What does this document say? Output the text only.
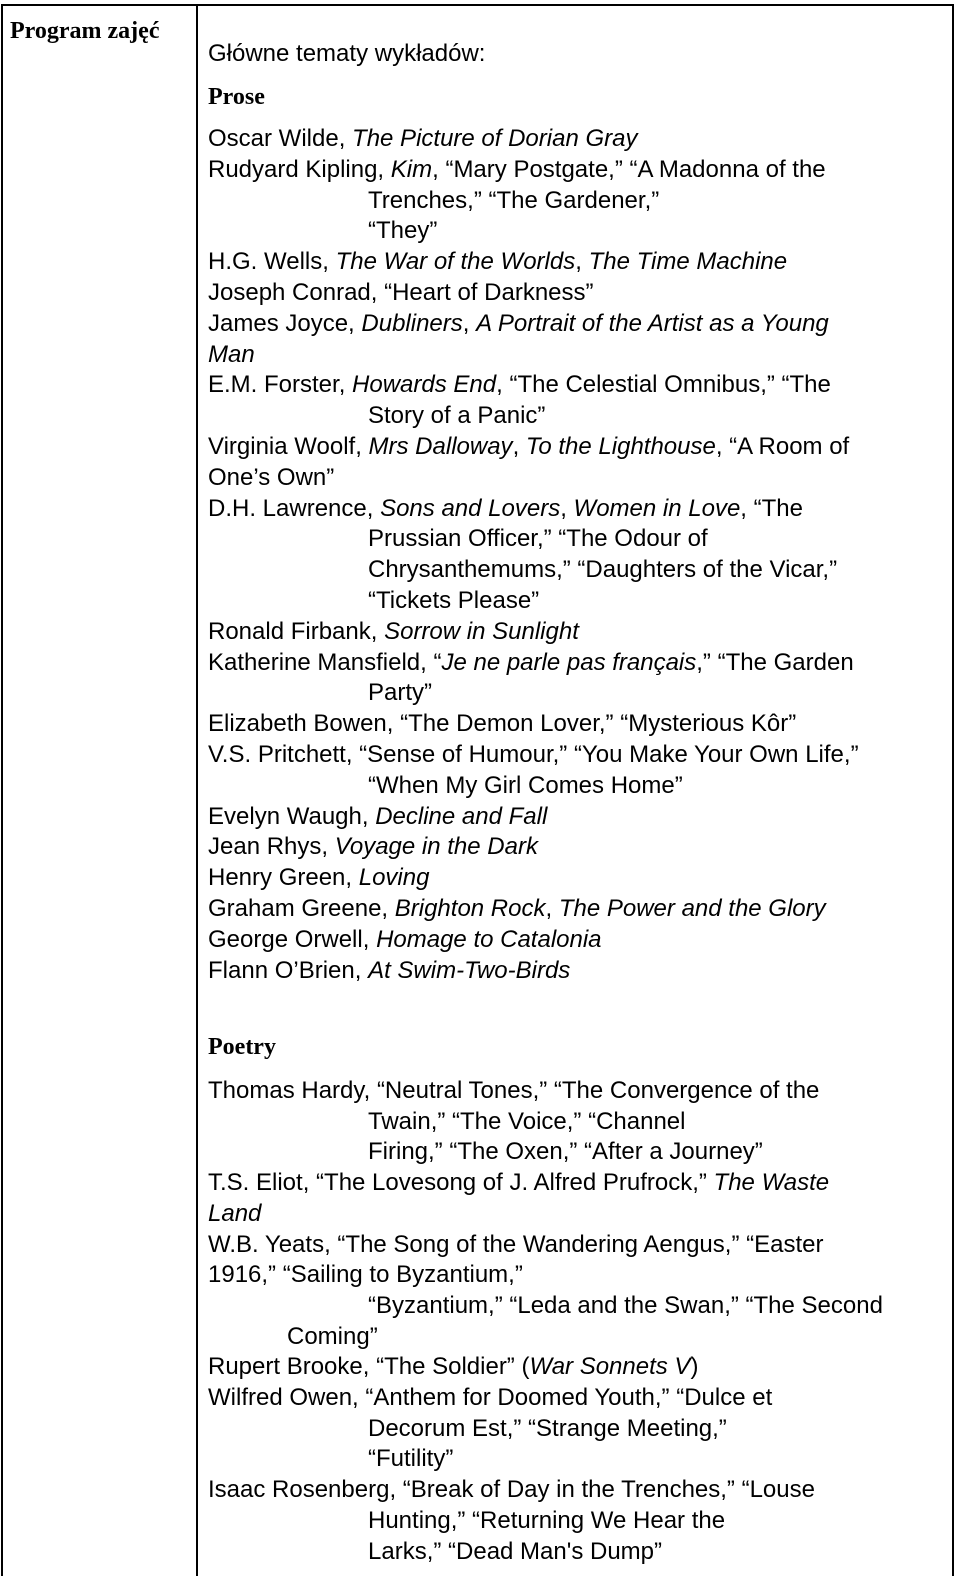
Program zajęć
Główne tematy wykładów:
Prose
Poetry
Oscar Wilde, The Picture of Dorian Gray
Rudyard Kipling, Kim, “Mary Postgate,” “A Madonna of the
Trenches,” “The Gardener,”
“They”
H.G. Wells, The War of the Worlds, The Time Machine
Joseph Conrad, “Heart of Darkness”
James Joyce, Dubliners, A Portrait of the Artist as a Young
Man
E.M. Forster, Howards End, “The Celestial Omnibus,” “The
Story of a Panic”
Virginia Woolf, Mrs Dalloway, To the Lighthouse, “A Room of
One’s Own”
D.H. Lawrence, Sons and Lovers, Women in Love, “The
Prussian Officer,” “The Odour of
Chrysanthemums,” “Daughters of the Vicar,”
“Tickets Please”
Ronald Firbank, Sorrow in Sunlight
Katherine Mansfield, “Je ne parle pas français,” “The Garden
Party”
Elizabeth Bowen, “The Demon Lover,” “Mysterious Kôr”
V.S. Pritchett, “Sense of Humour,” “You Make Your Own Life,”
“When My Girl Comes Home”
Evelyn Waugh, Decline and Fall
Jean Rhys, Voyage in the Dark
Henry Green, Loving
Graham Greene, Brighton Rock, The Power and the Glory
George Orwell, Homage to Catalonia
Flann O’Brien, At Swim-Two-Birds
Thomas Hardy, “Neutral Tones,” “The Convergence of the
Twain,” “The Voice,” “Channel
Firing,” “The Oxen,” “After a Journey”
T.S. Eliot, “The Lovesong of J. Alfred Prufrock,” The Waste
Land
W.B. Yeats, “The Song of the Wandering Aengus,” “Easter
1916,” “Sailing to Byzantium,”
“Byzantium,” “Leda and the Swan,” “The Second
Coming”
Rupert Brooke, “The Soldier” (War Sonnets V)
Wilfred Owen, “Anthem for Doomed Youth,” “Dulce et
Decorum Est,” “Strange Meeting,”
“Futility”
Isaac Rosenberg, “Break of Day in the Trenches,” “Louse
Hunting,” “Returning We Hear the
Larks,” “Dead Man's Dump”
